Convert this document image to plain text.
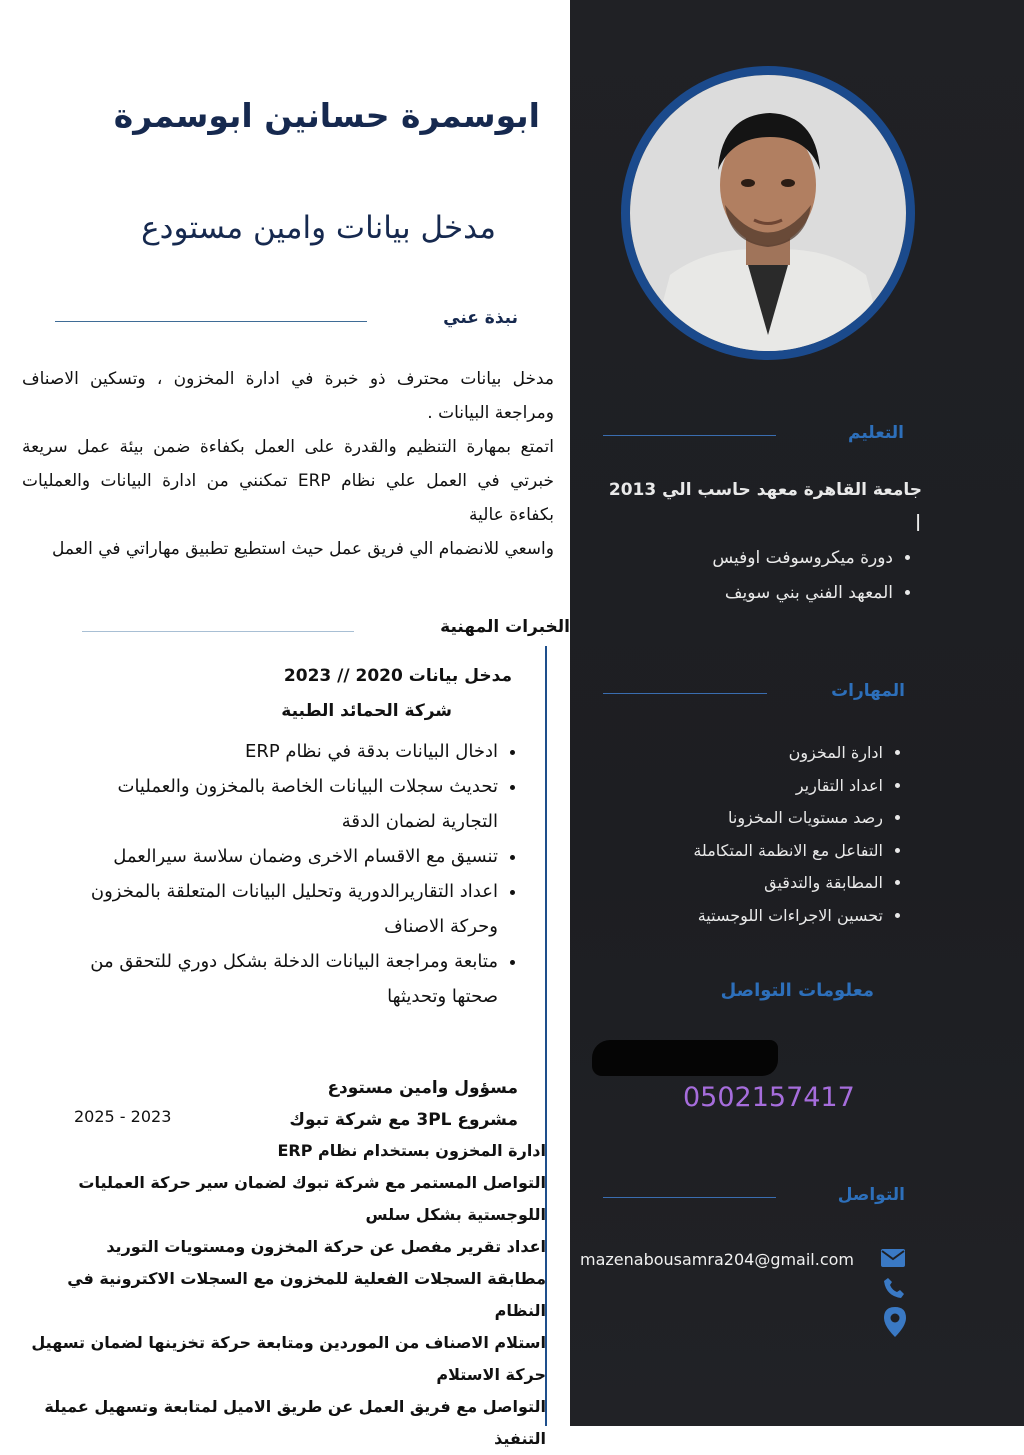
ابوسمرة حسانين ابوسمرة
مدخل بيانات وامين مستودع
نبذة عني

مدخل بيانات محترف ذو خبرة في ادارة المخزون ، وتسكين الاصناف ومراجعة البيانات .

اتمتع بمهارة التنظيم والقدرة على العمل بكفاءة ضمن بيئة عمل سريعة خبرتي في العمل علي نظام ERP تمكنني من ادارة البيانات والعمليات بكفاءة عالية

واسعي للانضمام الي فريق عمل حيث استطيع تطبيق مهاراتي في العمل

الخبرات المهنية
مدخل بيانات 2020 // 2023
شركة الحمائد الطبية
• ادخال البيانات بدقة في نظام ERP
• تحديث سجلات البيانات الخاصة بالمخزون والعمليات التجارية لضمان الدقة
• تنسيق مع الاقسام الاخرى وضمان سلاسة سيرالعمل
• اعداد التقاريرالدورية وتحليل البيانات المتعلقة بالمخزون وحركة الاصناف
• متابعة ومراجعة البيانات الدخلة بشكل دوري للتحقق من صحتها وتحديثها
مسؤول وامين مستودع
مشروع 3PL مع شركة تبوك
2025 - 2023
ادارة المخزون بستخدام نظام ERP
التواصل المستمر مع شركة تبوك لضمان سير حركة العمليات اللوجستية بشكل سلس
اعداد تقرير مفصل عن حركة المخزون ومستويات التوريد
مطابقة السجلات الفعلية للمخزون مع السجلات الاكترونية في النظام
استلام الاصناف من الموردين ومتابعة حركة تخزينها لضمان تسهيل حركة الاستلام
التواصل مع فريق العمل عن طريق الاميل لمتابعة وتسهيل عميلة التنفيذ
التعليم
جامعة القاهرة معهد حاسب الي 2013
|
• دورة ميكروسوفت اوفيس
• المعهد الفني بني سويف
المهارات
• ادارة المخزون
• اعداد التقارير
• رصد مستويات المخزونا
• التفاعل مع الانظمة المتكاملة
• المطابقة والتدقيق
• تحسين الاجراءات اللوجستية
معلومات التواصل
0502157417
التواصل
mazenabousamra204@gmail.com
